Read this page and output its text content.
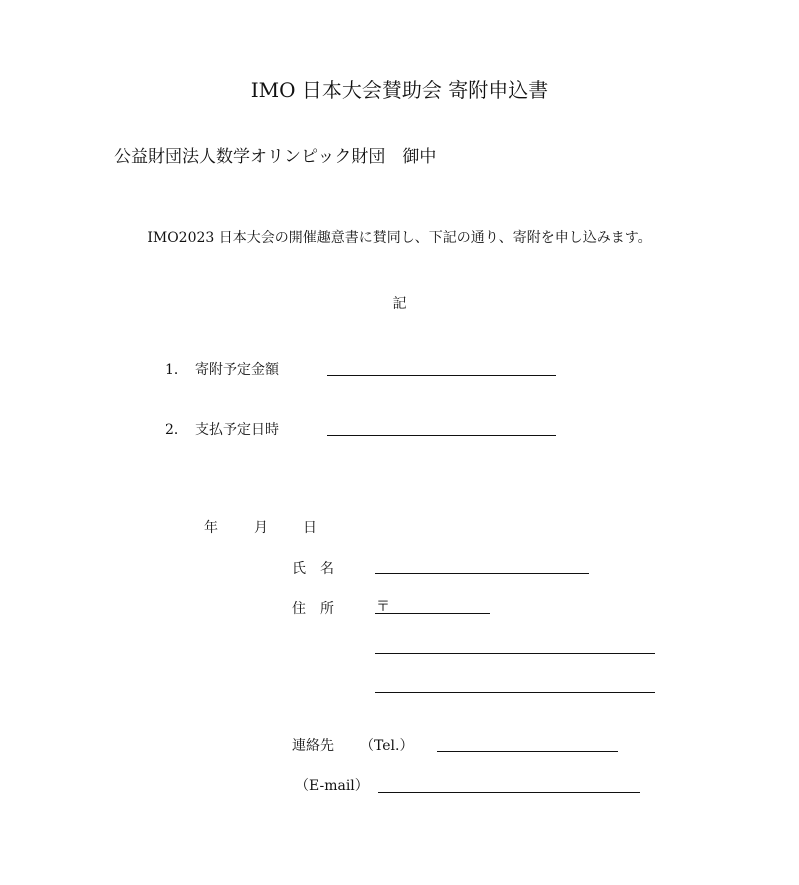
IMO 日本大会賛助会 寄附申込書
公益財団法人数学オリンピック財団　御中
IMO2023 日本大会の開催趣意書に賛同し、下記の通り、寄附を申し込みます。
記
1． 寄附予定金額
2． 支払予定日時
年	月	日
氏　名
住　所	〒
連絡先 （Tel.）
（E-mail）
